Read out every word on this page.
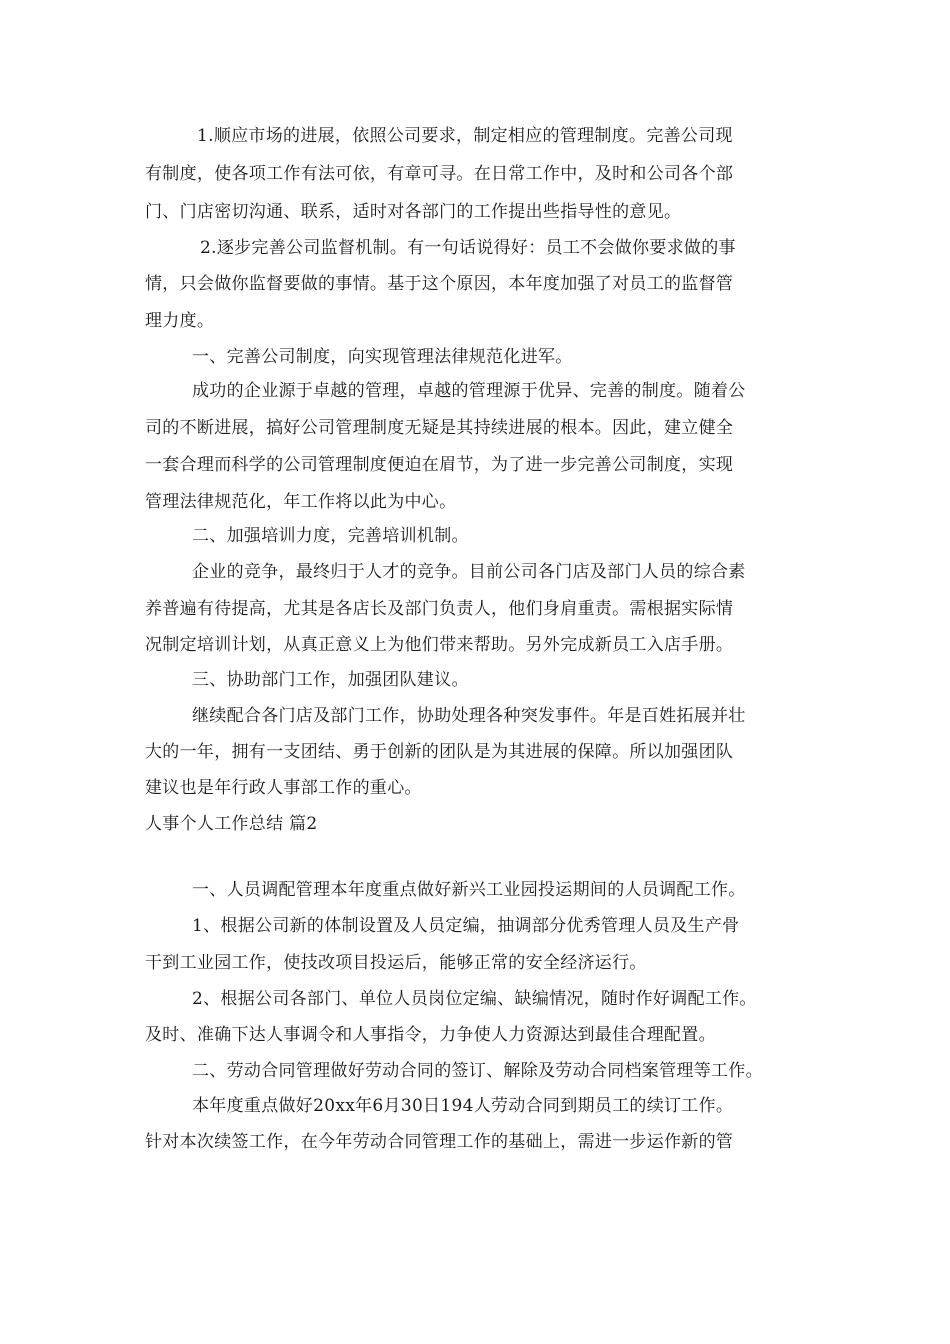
1.顺应市场的进展，依照公司要求，制定相应的管理制度。完善公司现
有制度，使各项工作有法可依，有章可寻。在日常工作中，及时和公司各个部
门、门店密切沟通、联系，适时对各部门的工作提出些指导性的意见。
2.逐步完善公司监督机制。有一句话说得好：员工不会做你要求做的事
情，只会做你监督要做的事情。基于这个原因，本年度加强了对员工的监督管
理力度。
一、完善公司制度，向实现管理法律规范化进军。
成功的企业源于卓越的管理，卓越的管理源于优异、完善的制度。随着公
司的不断进展，搞好公司管理制度无疑是其持续进展的根本。因此，建立健全
一套合理而科学的公司管理制度便迫在眉节，为了进一步完善公司制度，实现
管理法律规范化，年工作将以此为中心。
二、加强培训力度，完善培训机制。
企业的竞争，最终归于人才的竞争。目前公司各门店及部门人员的综合素
养普遍有待提高，尤其是各店长及部门负责人，他们身肩重责。需根据实际情
况制定培训计划，从真正意义上为他们带来帮助。另外完成新员工入店手册。
三、协助部门工作，加强团队建议。
继续配合各门店及部门工作，协助处理各种突发事件。年是百姓拓展并壮
大的一年，拥有一支团结、勇于创新的团队是为其进展的保障。所以加强团队
建议也是年行政人事部工作的重心。
人事个人工作总结 篇2
一、人员调配管理本年度重点做好新兴工业园投运期间的人员调配工作。
1、根据公司新的体制设置及人员定编，抽调部分优秀管理人员及生产骨
干到工业园工作，使技改项目投运后，能够正常的安全经济运行。
2、根据公司各部门、单位人员岗位定编、缺编情况，随时作好调配工作。
及时、准确下达人事调令和人事指令，力争使人力资源达到最佳合理配置。
二、劳动合同管理做好劳动合同的签订、解除及劳动合同档案管理等工作。
本年度重点做好20xx年6月30日194人劳动合同到期员工的续订工作。
针对本次续签工作，在今年劳动合同管理工作的基础上，需进一步运作新的管
